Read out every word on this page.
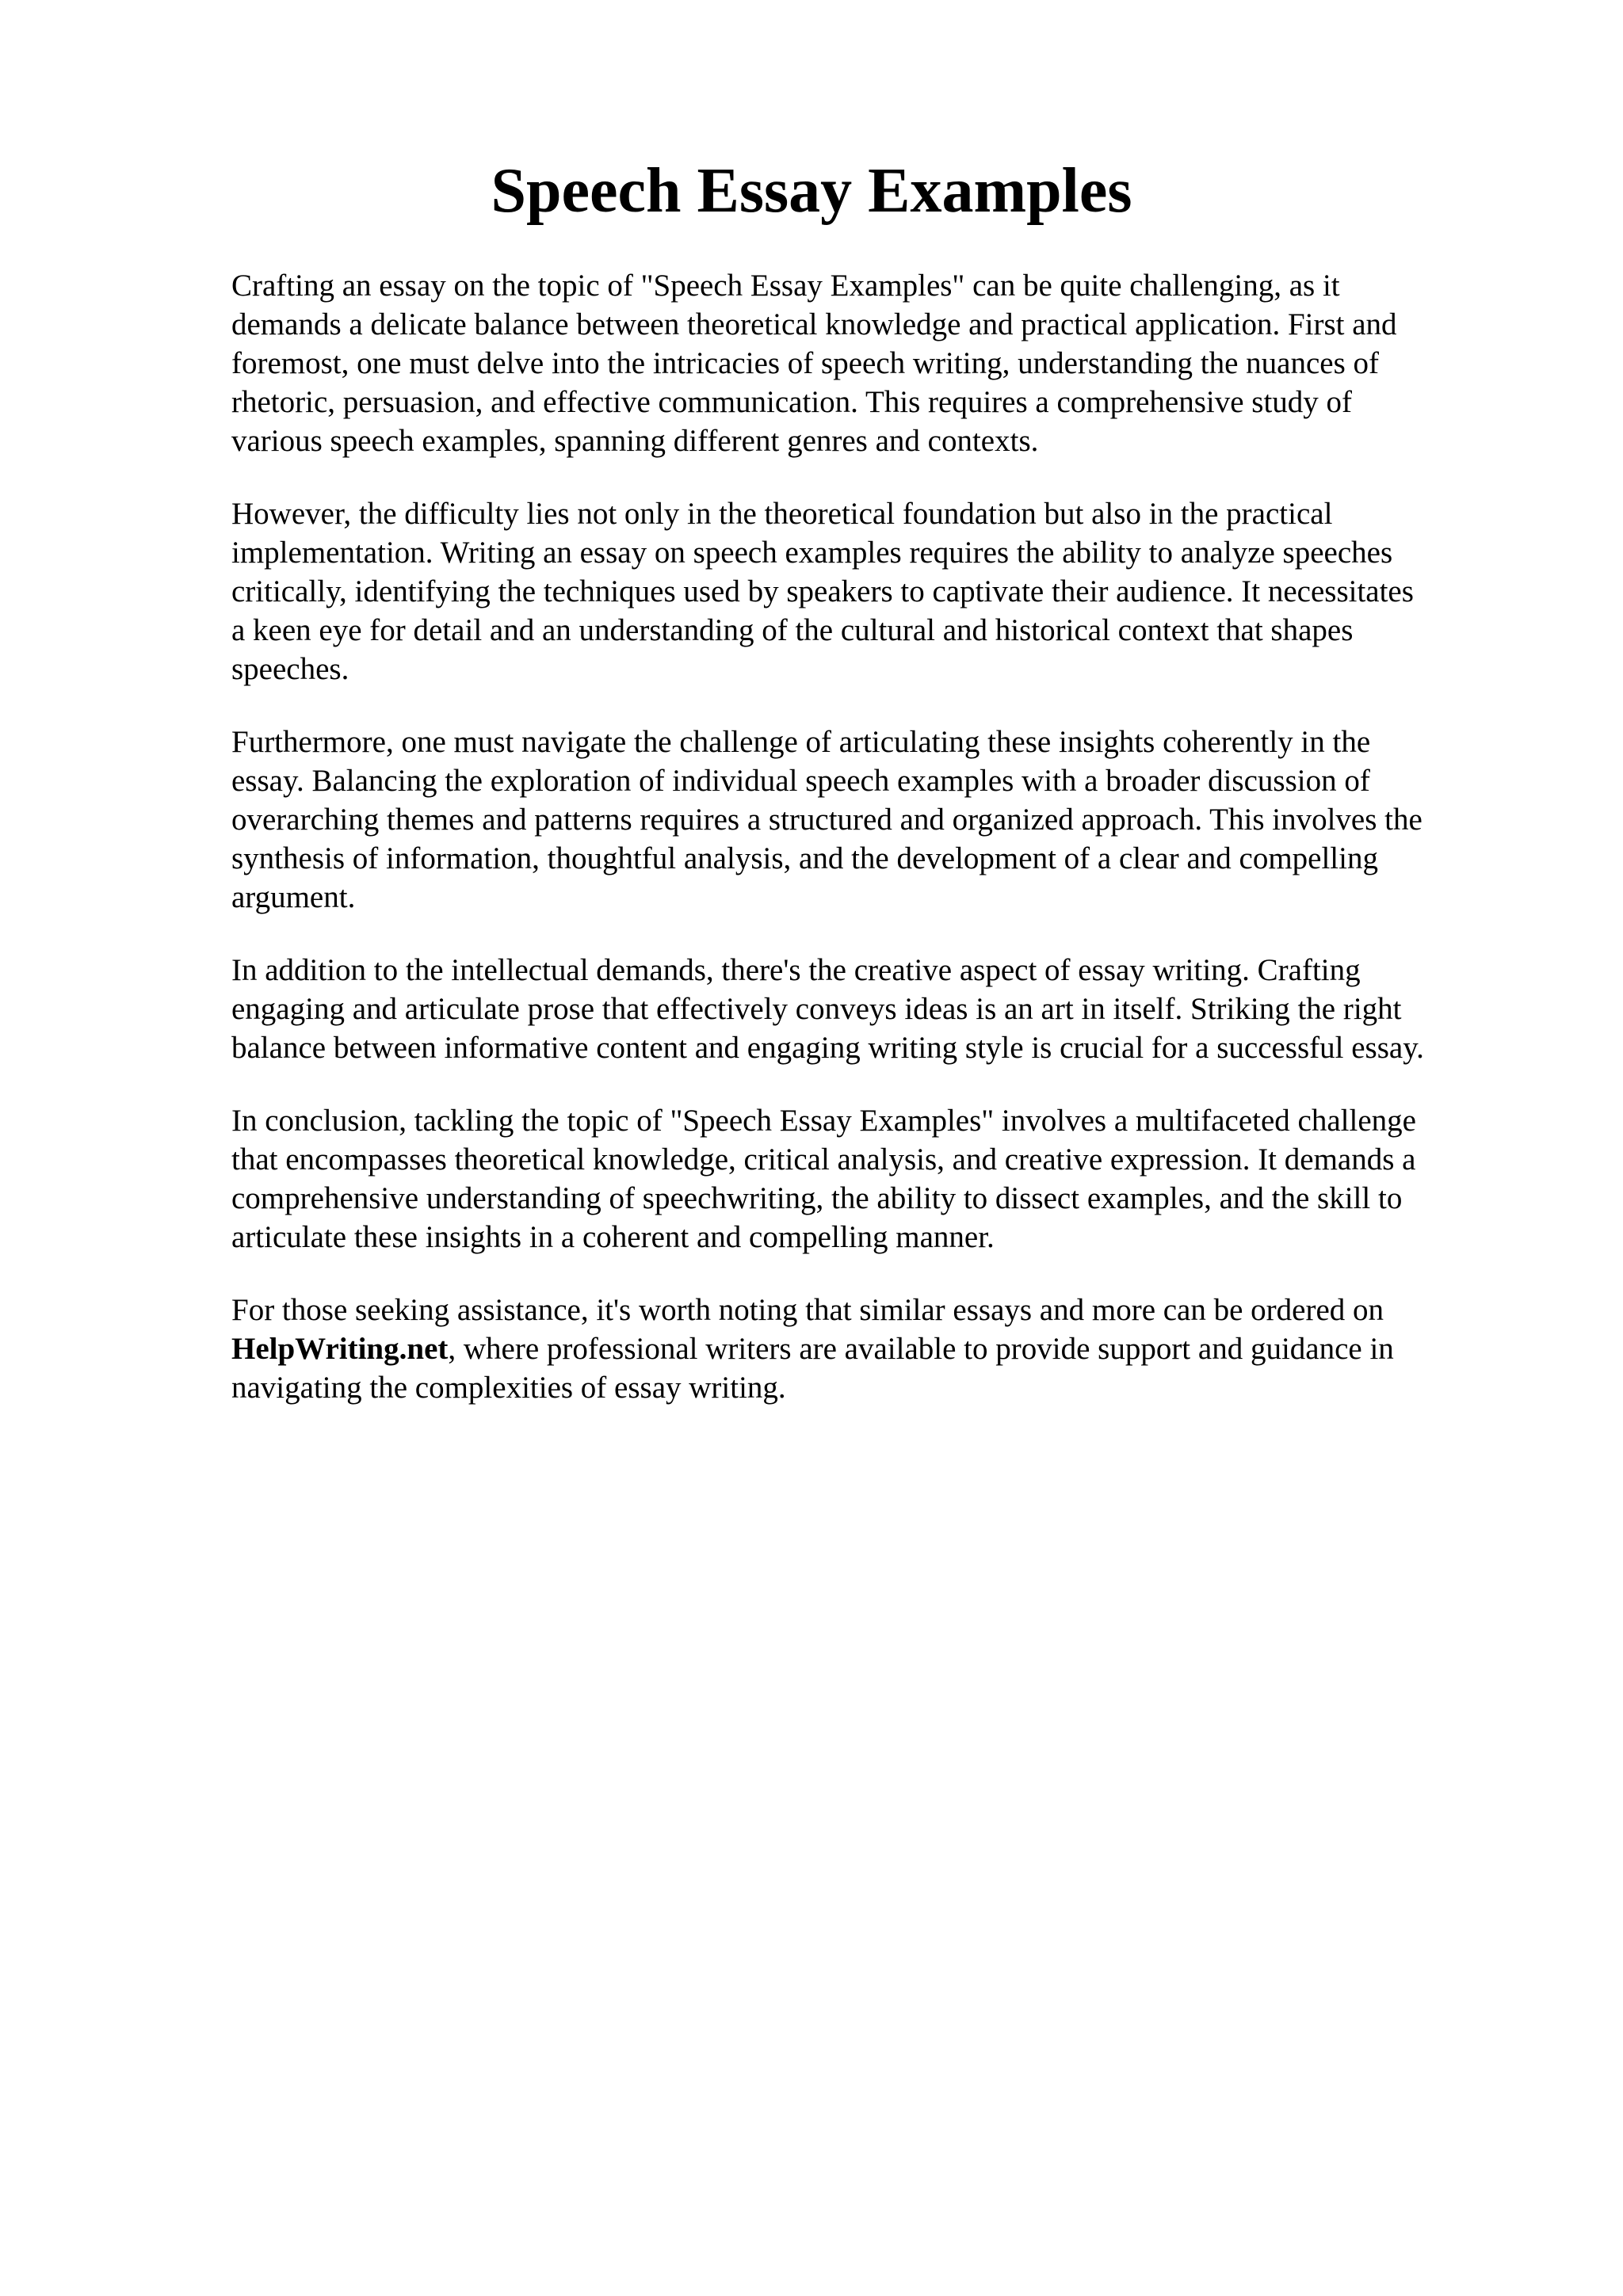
Speech Essay Examples

Crafting an essay on the topic of "Speech Essay Examples" can be quite challenging, as it
demands a delicate balance between theoretical knowledge and practical application. First and
foremost, one must delve into the intricacies of speech writing, understanding the nuances of
rhetoric, persuasion, and effective communication. This requires a comprehensive study of
various speech examples, spanning different genres and contexts.

However, the difficulty lies not only in the theoretical foundation but also in the practical
implementation. Writing an essay on speech examples requires the ability to analyze speeches
critically, identifying the techniques used by speakers to captivate their audience. It necessitates
a keen eye for detail and an understanding of the cultural and historical context that shapes
speeches.

Furthermore, one must navigate the challenge of articulating these insights coherently in the
essay. Balancing the exploration of individual speech examples with a broader discussion of
overarching themes and patterns requires a structured and organized approach. This involves the
synthesis of information, thoughtful analysis, and the development of a clear and compelling
argument.

In addition to the intellectual demands, there's the creative aspect of essay writing. Crafting
engaging and articulate prose that effectively conveys ideas is an art in itself. Striking the right
balance between informative content and engaging writing style is crucial for a successful essay.

In conclusion, tackling the topic of "Speech Essay Examples" involves a multifaceted challenge
that encompasses theoretical knowledge, critical analysis, and creative expression. It demands a
comprehensive understanding of speechwriting, the ability to dissect examples, and the skill to
articulate these insights in a coherent and compelling manner.

For those seeking assistance, it's worth noting that similar essays and more can be ordered on
HelpWriting.net, where professional writers are available to provide support and guidance in
navigating the complexities of essay writing.
